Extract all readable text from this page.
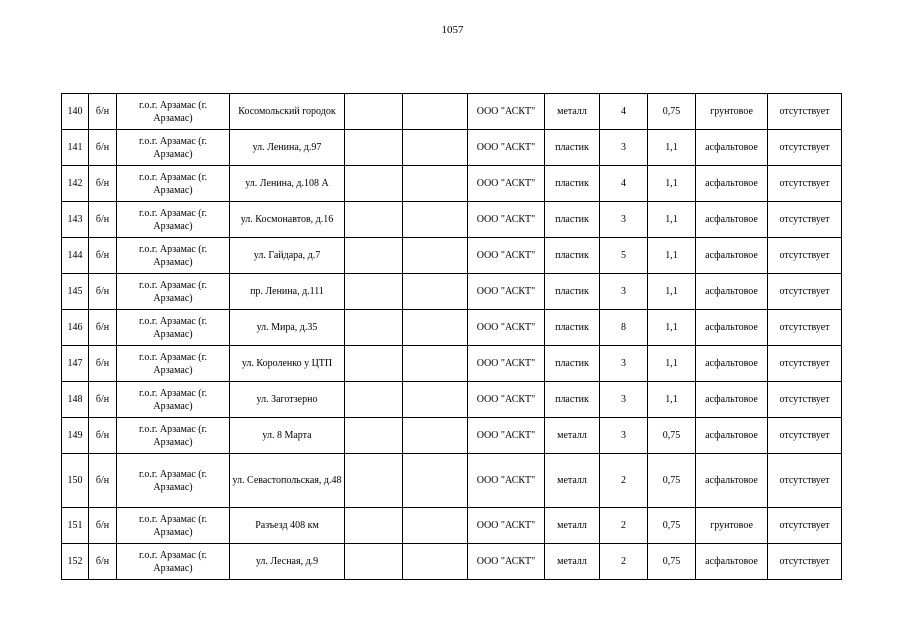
1057
140	б/н	г.о.г. Арзамас (г. Арзамас)	Косомольский городок			ООО "АСКТ"	металл	4	0,75	грунтовое	отсутствует
141	б/н	г.о.г. Арзамас (г. Арзамас)	ул. Ленина, д.97			ООО "АСКТ"	пластик	3	1,1	асфальтовое	отсутствует
142	б/н	г.о.г. Арзамас (г. Арзамас)	ул. Ленина, д.108 А			ООО "АСКТ"	пластик	4	1,1	асфальтовое	отсутствует
143	б/н	г.о.г. Арзамас (г. Арзамас)	ул. Космонавтов, д.16			ООО "АСКТ"	пластик	3	1,1	асфальтовое	отсутствует
144	б/н	г.о.г. Арзамас (г. Арзамас)	ул. Гайдара, д.7			ООО "АСКТ"	пластик	5	1,1	асфальтовое	отсутствует
145	б/н	г.о.г. Арзамас (г. Арзамас)	пр. Ленина, д.111			ООО "АСКТ"	пластик	3	1,1	асфальтовое	отсутствует
146	б/н	г.о.г. Арзамас (г. Арзамас)	ул. Мира, д.35			ООО "АСКТ"	пластик	8	1,1	асфальтовое	отсутствует
147	б/н	г.о.г. Арзамас (г. Арзамас)	ул. Короленко у ЦТП			ООО "АСКТ"	пластик	3	1,1	асфальтовое	отсутствует
148	б/н	г.о.г. Арзамас (г. Арзамас)	ул. Заготзерно			ООО "АСКТ"	пластик	3	1,1	асфальтовое	отсутствует
149	б/н	г.о.г. Арзамас (г. Арзамас)	ул. 8 Марта			ООО "АСКТ"	металл	3	0,75	асфальтовое	отсутствует
150	б/н	г.о.г. Арзамас (г. Арзамас)	ул. Севастопольская, д.48			ООО "АСКТ"	металл	2	0,75	асфальтовое	отсутствует
151	б/н	г.о.г. Арзамас (г. Арзамас)	Разъезд 408 км			ООО "АСКТ"	металл	2	0,75	грунтовое	отсутствует
152	б/н	г.о.г. Арзамас (г. Арзамас)	ул. Лесная, д.9			ООО "АСКТ"	металл	2	0,75	асфальтовое	отсутствует
